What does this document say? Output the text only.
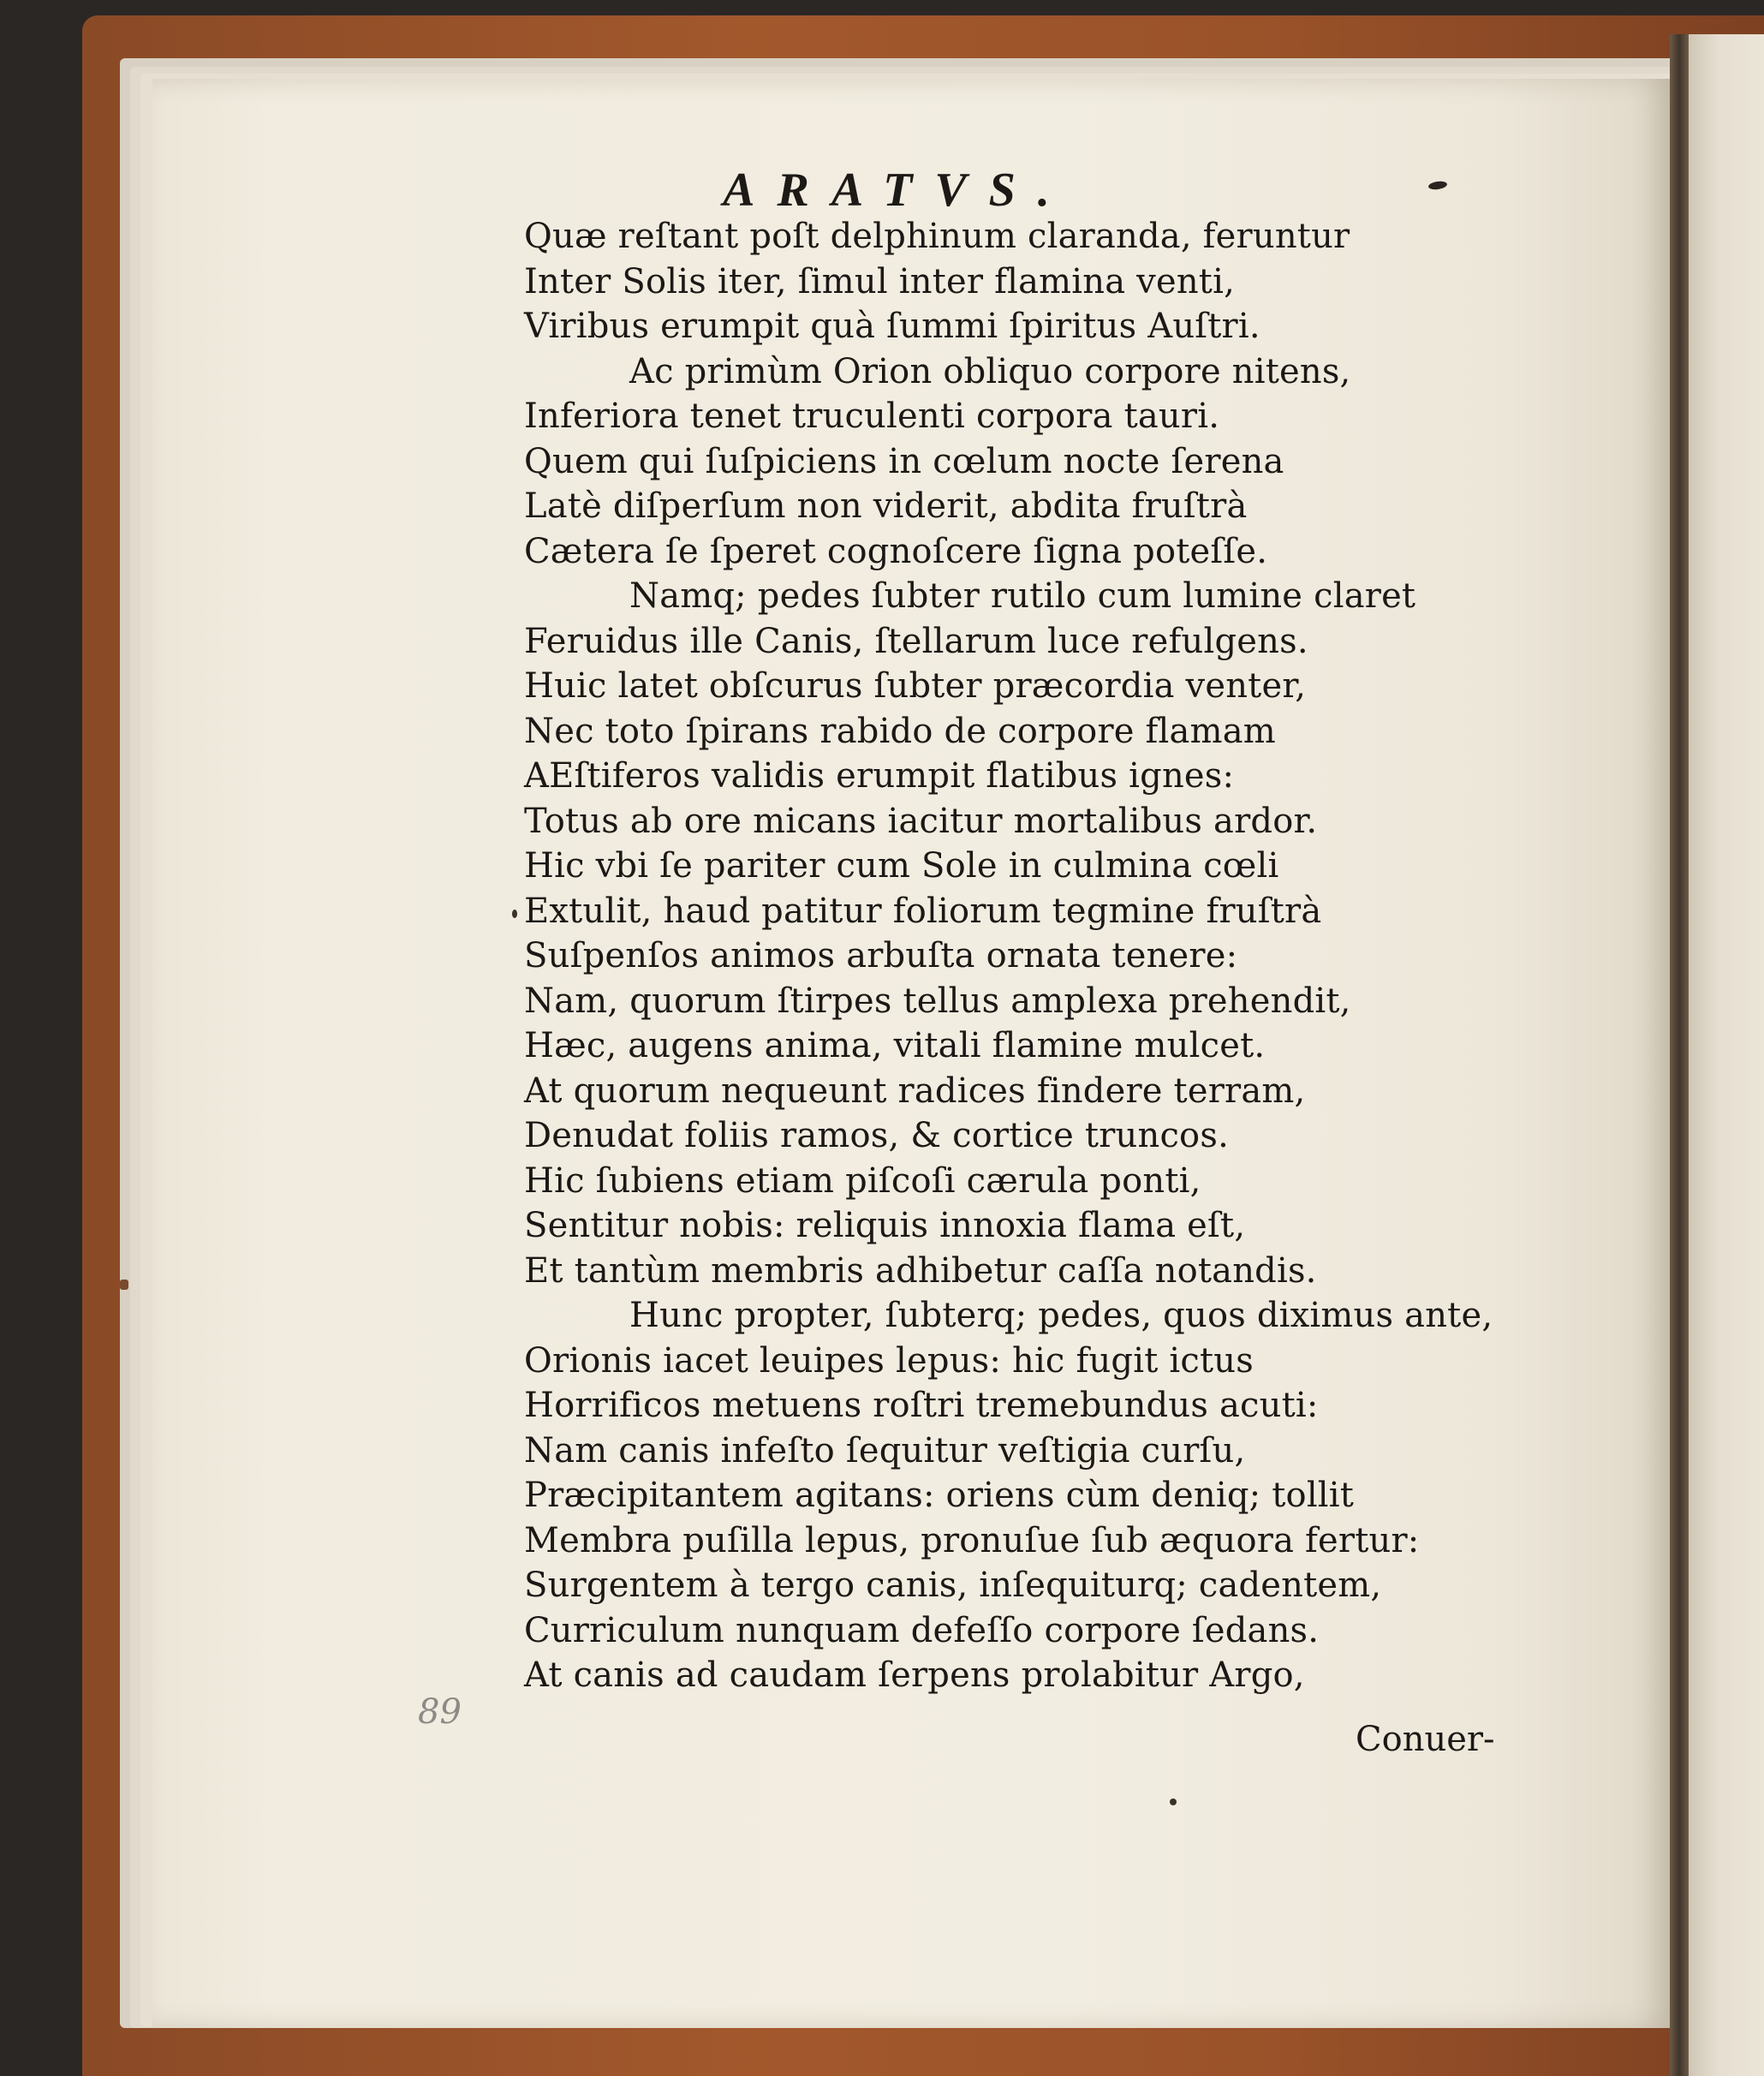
ARATVS.
Quæ reſtant poſt delphinum claranda, feruntur
Inter Solis iter, ſimul inter flamina venti,
Viribus erumpit quà ſummi ſpiritus Auſtri.
Ac primùm Orion obliquo corpore nitens,
Inferiora tenet truculenti corpora tauri.
Quem qui ſuſpiciens in cœlum nocte ſerena
Latè diſperſum non viderit, abdita fruſtrà
Cætera ſe ſperet cognoſcere ſigna poteſſe.
Namq; pedes ſubter rutilo cum lumine claret
Feruidus ille Canis, ſtellarum luce refulgens.
Huic latet obſcurus ſubter præcordia venter,
Nec toto ſpirans rabido de corpore flamam
AEſtiferos validis erumpit flatibus ignes:
Totus ab ore micans iacitur mortalibus ardor.
Hic vbi ſe pariter cum Sole in culmina cœli
Extulit, haud patitur foliorum tegmine fruſtrà
Suſpenſos animos arbuſta ornata tenere:
Nam, quorum ſtirpes tellus amplexa prehendit,
Hæc, augens anima, vitali flamine mulcet.
At quorum nequeunt radices findere terram,
Denudat foliis ramos, & cortice truncos.
Hic ſubiens etiam piſcoſi cærula ponti,
Sentitur nobis: reliquis innoxia flama eſt,
Et tantùm membris adhibetur caſſa notandis.
Hunc propter, ſubterq; pedes, quos diximus ante,
Orionis iacet leuipes lepus: hic fugit ictus
Horrificos metuens roſtri tremebundus acuti:
Nam canis infeſto ſequitur veſtigia curſu,
Præcipitantem agitans: oriens cùm deniq; tollit
Membra puſilla lepus, pronuſue ſub æquora fertur:
Surgentem à tergo canis, inſequiturq; cadentem,
Curriculum nunquam defeſſo corpore ſedans.
At canis ad caudam ſerpens prolabitur Argo,
89
Conuer-
